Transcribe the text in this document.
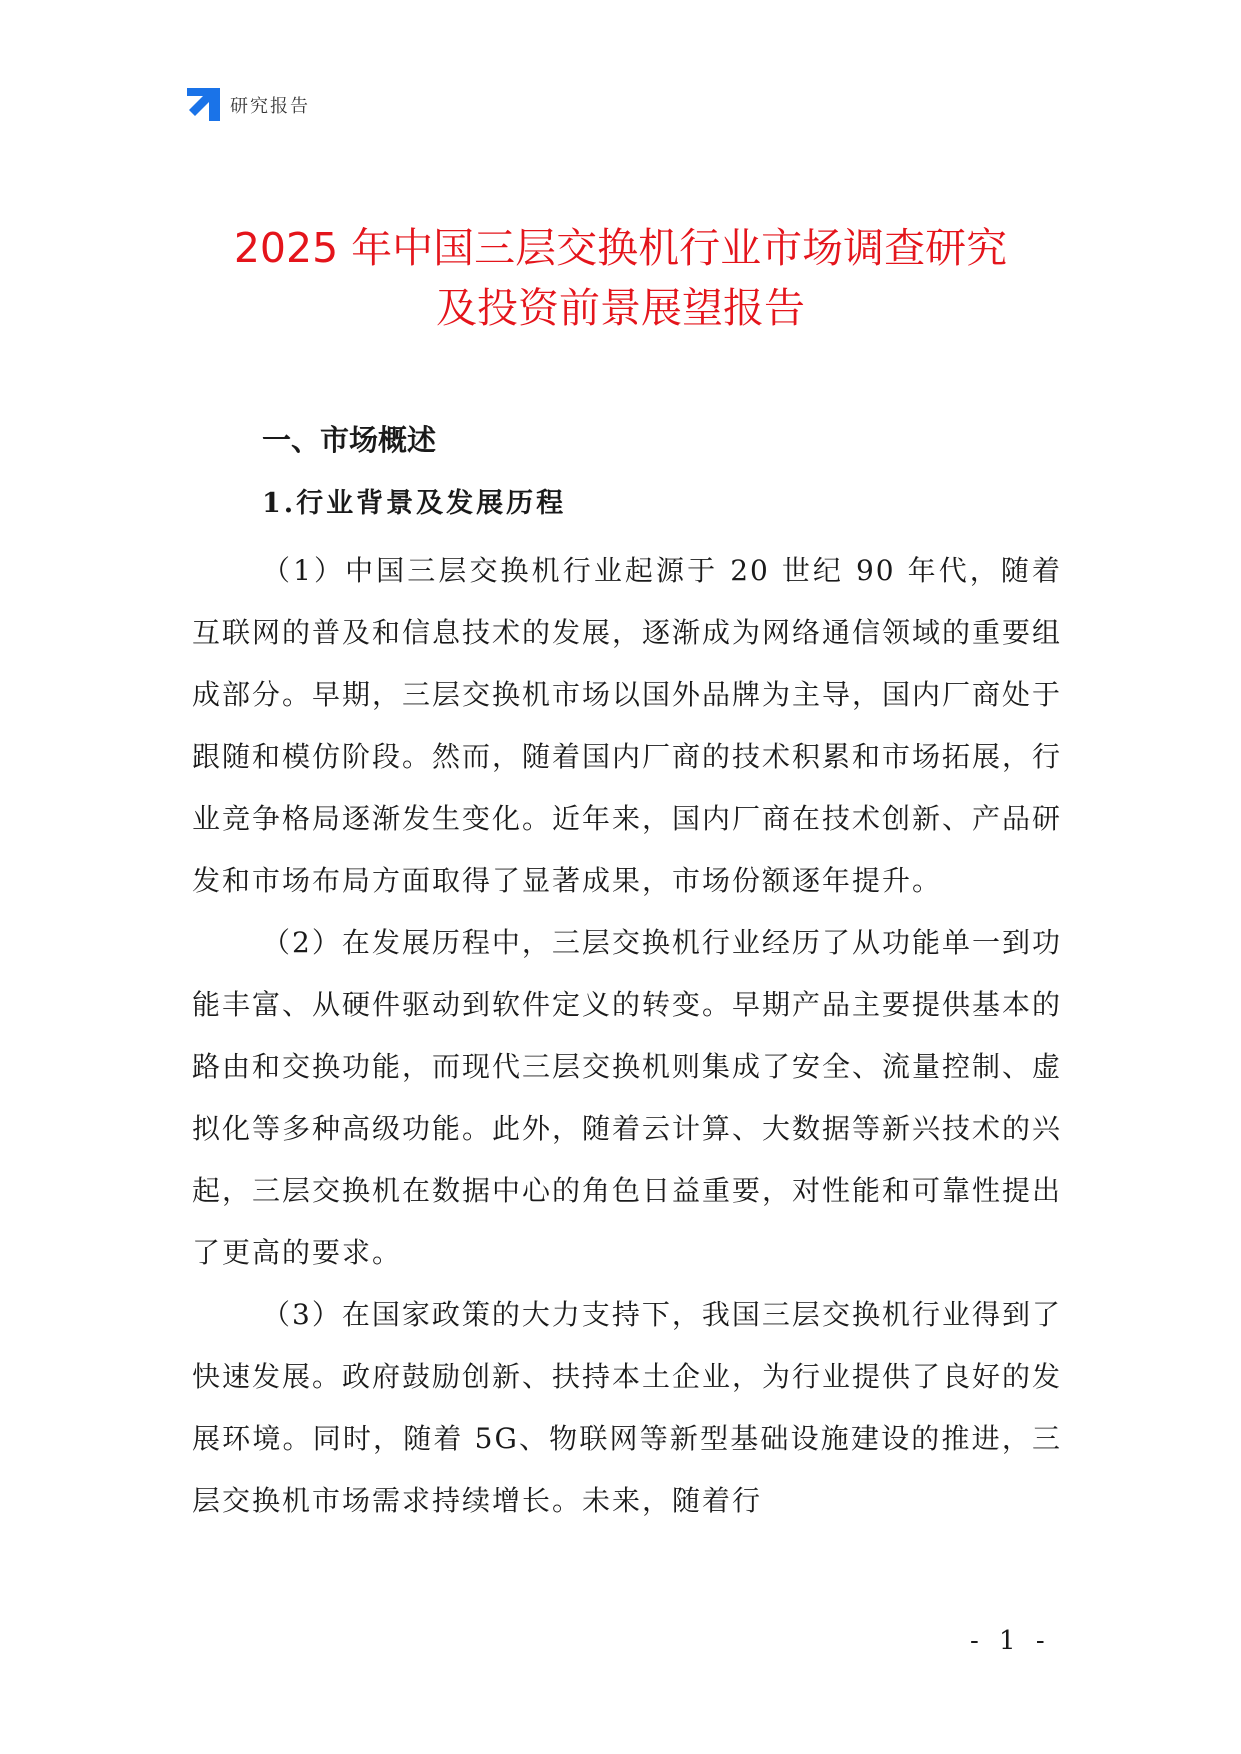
研究报告
2025 年中国三层交换机行业市场调查研究
及投资前景展望报告
一、市场概述
1.行业背景及发展历程

（1）中国三层交换机行业起源于 20 世纪 90 年代，随着互联网的普及和信息技术的发展，逐渐成为网络通信领域的重要组成部分。早期，三层交换机市场以国外品牌为主导，国内厂商处于跟随和模仿阶段。然而，随着国内厂商的技术积累和市场拓展，行业竞争格局逐渐发生变化。近年来，国内厂商在技术创新、产品研发和市场布局方面取得了显著成果，市场份额逐年提升。

（2）在发展历程中，三层交换机行业经历了从功能单一到功能丰富、从硬件驱动到软件定义的转变。早期产品主要提供基本的路由和交换功能，而现代三层交换机则集成了安全、流量控制、虚拟化等多种高级功能。此外，随着云计算、大数据等新兴技术的兴起，三层交换机在数据中心的角色日益重要，对性能和可靠性提出了更高的要求。

（3）在国家政策的大力支持下，我国三层交换机行业得到了快速发展。政府鼓励创新、扶持本土企业，为行业提供了良好的发展环境。同时，随着 5G、物联网等新型基础设施建设的推进，三层交换机市场需求持续增长。未来，随着行

- 1 -
